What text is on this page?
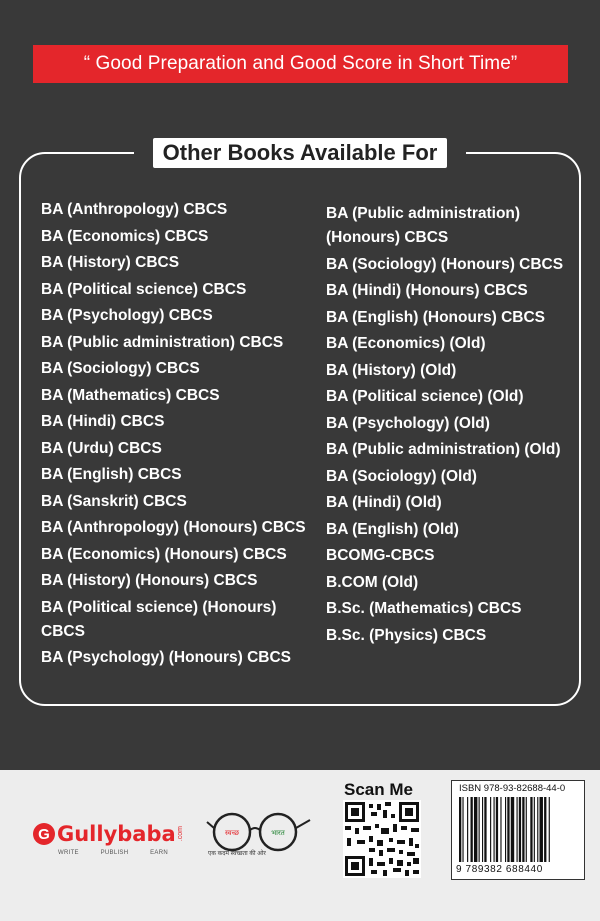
“ Good Preparation and Good Score in Short Time”
Other Books Available For
BA (Anthropology) CBCS
BA (Economics) CBCS
BA (History) CBCS
BA (Political science) CBCS
BA (Psychology) CBCS
BA (Public administration) CBCS
BA (Sociology) CBCS
BA (Mathematics) CBCS
BA (Hindi) CBCS
BA (Urdu) CBCS
BA (English) CBCS
BA (Sanskrit) CBCS
BA (Anthropology) (Honours) CBCS
BA (Economics) (Honours) CBCS
BA (History) (Honours) CBCS
BA (Political science) (Honours) CBCS
BA (Psychology) (Honours) CBCS
BA (Public administration) (Honours) CBCS
BA (Sociology) (Honours) CBCS
BA (Hindi) (Honours) CBCS
BA (English) (Honours) CBCS
BA (Economics) (Old)
BA (History) (Old)
BA (Political science) (Old)
BA (Psychology) (Old)
BA (Public administration) (Old)
BA (Sociology) (Old)
BA (Hindi) (Old)
BA (English) (Old)
BCOMG-CBCS
B.COM (Old)
B.Sc. (Mathematics) CBCS
B.Sc. (Physics) CBCS
G Gullybaba .com
WRITE	PUBLISH	EARN
स्वच्छ	भारत
एक कदम स्वच्छता की ओर
Scan Me	ISBN 978-93-82688-44-0
9 789382 688440
